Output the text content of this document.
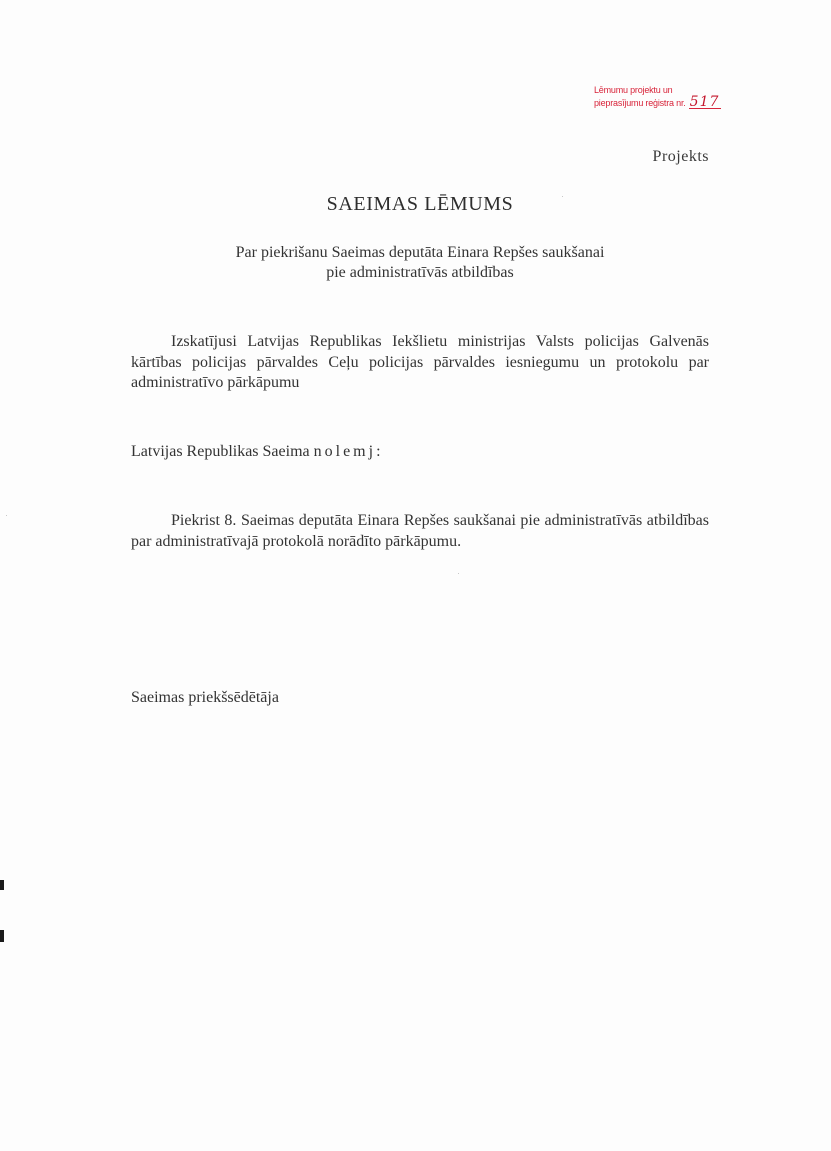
Lēmumu projektu un
pieprasījumu reģistra nr. 517
Projekts
SAEIMAS LĒMUMS
Par piekrišanu Saeimas deputāta Einara Repšes saukšanai
pie administratīvās atbildības
Izskatījusi Latvijas Republikas Iekšlietu ministrijas Valsts policijas Galvenās kārtības policijas pārvaldes Ceļu policijas pārvaldes iesniegumu un protokolu par administratīvo pārkāpumu
Latvijas Republikas Saeima nolemj:
Piekrist 8. Saeimas deputāta Einara Repšes saukšanai pie administratīvās atbildības par administratīvajā protokolā norādīto pārkāpumu.
Saeimas priekšsēdētāja
